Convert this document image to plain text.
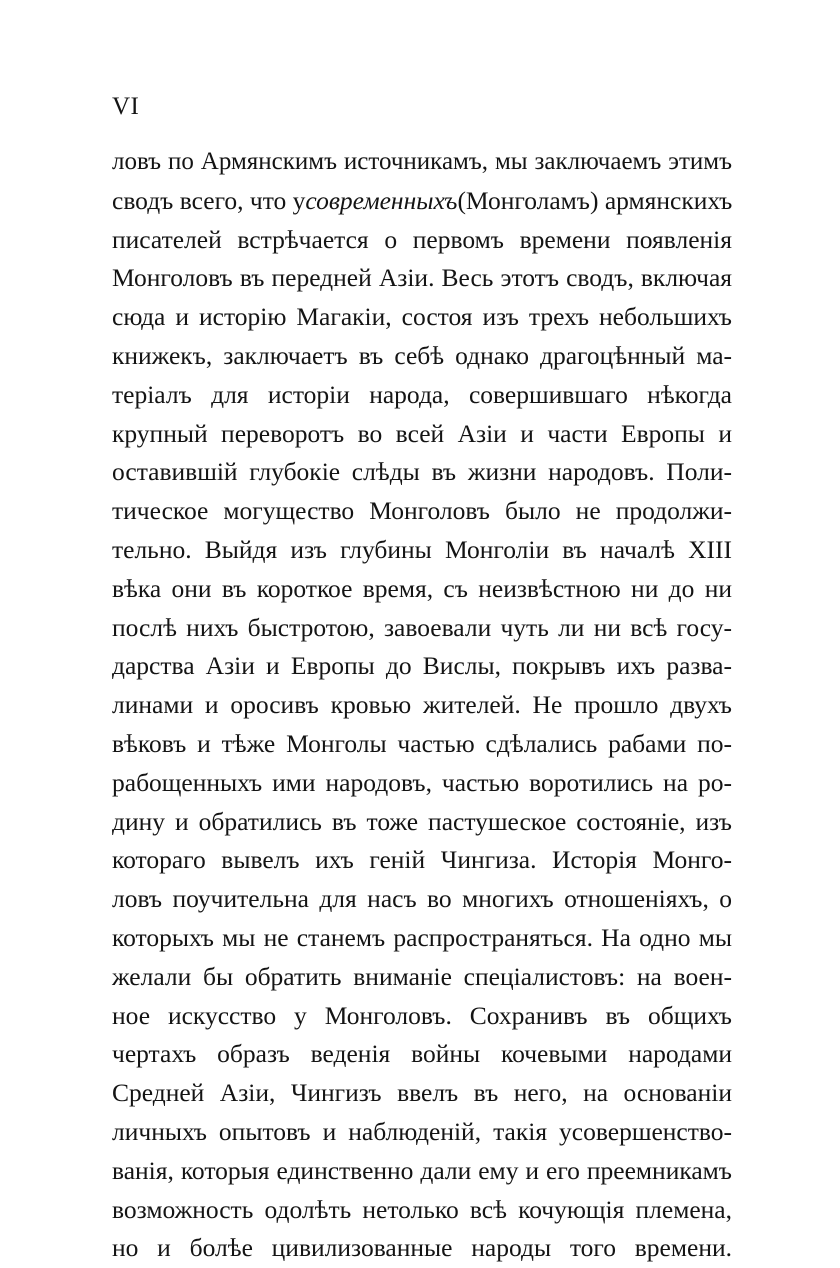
VI
ловъ по Армянскимъ источникамъ, мы заключаемъ этимъ
сводъ всего, что усовременныхъ(Монголамъ) армянскихъ
писателей встрѣчается о первомъ времени появленія
Монголовъ въ передней Азіи. Весь этотъ сводъ, включая
сюда и исторію Магакіи, состоя изъ трехъ небольшихъ
книжекъ, заключаетъ въ себѣ однако драгоцѣнный ма-
теріалъ для исторіи народа, совершившаго нѣкогда
крупный переворотъ во всей Азіи и части Европы и
оставившій глубокіе слѣды въ жизни народовъ. Поли-
тическое могущество Монголовъ было не продолжи-
тельно. Выйдя изъ глубины Монголіи въ началѣ XIII
вѣка они въ короткое время, съ неизвѣстною ни до ни
послѣ нихъ быстротою, завоевали чуть ли ни всѣ госу-
дарства Азіи и Европы до Вислы, покрывъ ихъ разва-
линами и оросивъ кровью жителей. Не прошло двухъ
вѣковъ и тѣже Монголы частью сдѣлались рабами по-
рабощенныхъ ими народовъ, частью воротились на ро-
дину и обратились въ тоже пастушеское состояніе, изъ
котораго вывелъ ихъ геній Чингиза. Исторія Монго-
ловъ поучительна для насъ во многихъ отношеніяхъ, о
которыхъ мы не станемъ распространяться. На одно мы
желали бы обратить вниманіе спеціалистовъ: на воен-
ное искусство у Монголовъ. Сохранивъ въ общихъ
чертахъ образъ веденія войны кочевыми народами
Средней Азіи, Чингизъ ввелъ въ него, на основаніи
личныхъ опытовъ и наблюденій, такія усовершенство-
ванія, которыя единственно дали ему и его преемникамъ
возможность одолѣть нетолько всѣ кочующія племена,
но и болѣе цивилизованные народы того времени.
